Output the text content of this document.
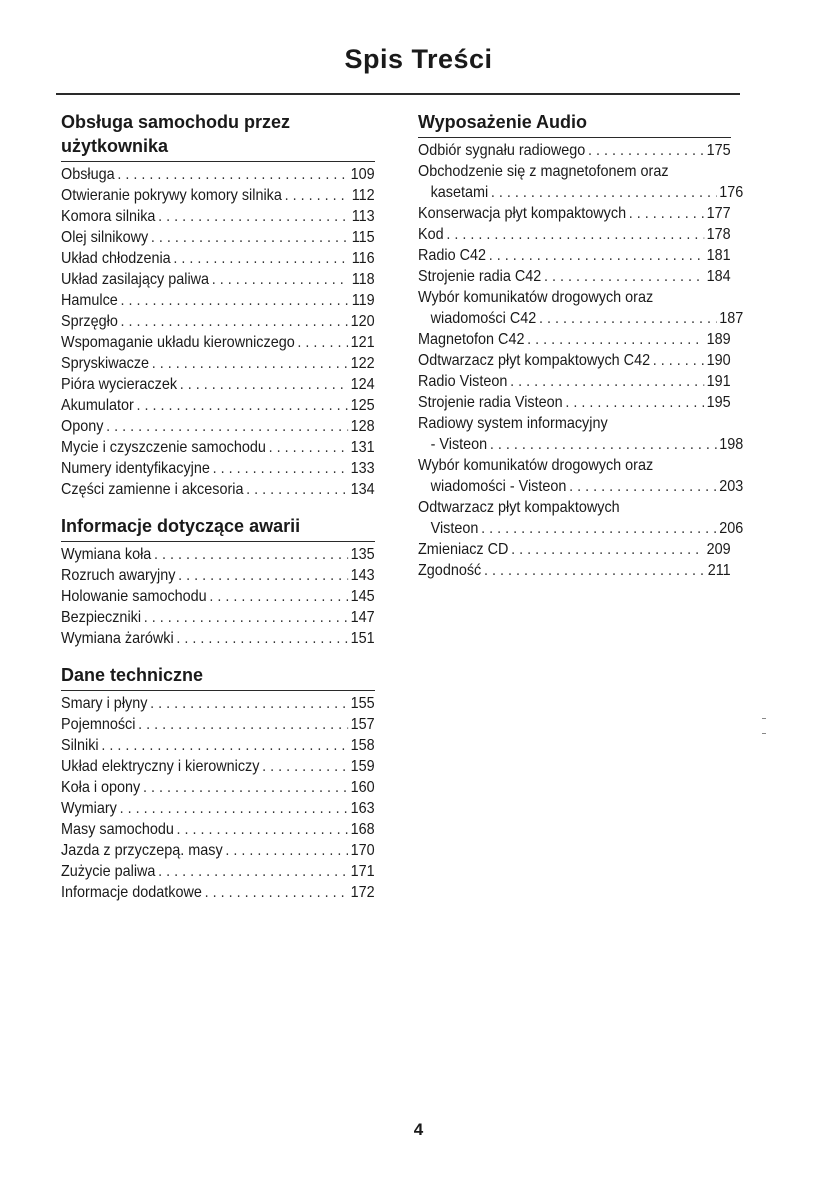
Spis Treści
Obsługa samochodu przez użytkownika
Obsługa . . .	109
Otwieranie pokrywy komory silnika . . .	112
Komora silnika . . .	113
Olej silnikowy . . .	115
Układ chłodzenia . . .	116
Układ zasilający paliwa . . .	118
Hamulce . . .	119
Sprzęgło . . .	120
Wspomaganie układu kierowniczego . . .	121
Spryskiwacze . . .	122
Pióra wycieraczek . . .	124
Akumulator . . .	125
Opony . . .	128
Mycie i czyszczenie samochodu . . .	131
Numery identyfikacyjne . . .	133
Części zamienne i akcesoria . . .	134
Informacje dotyczące awarii
Wymiana koła . . .	135
Rozruch awaryjny . . .	143
Holowanie samochodu . . .	145
Bezpieczniki . . .	147
Wymiana żarówki . . .	151
Dane techniczne
Smary i płyny . . .	155
Pojemności . . .	157
Silniki . . .	158
Układ elektryczny i kierowniczy . . .	159
Koła i opony . . .	160
Wymiary . . .	163
Masy samochodu . . .	168
Jazda z przyczepą. masy . . .	170
Zużycie paliwa . . .	171
Informacje dodatkowe . . .	172
Wyposażenie Audio
Odbiór sygnału radiowego . . .	175
Obchodzenie się z magnetofonem oraz
kasetami . . .	176
Konserwacja płyt kompaktowych . . .	177
Kod . . .	178
Radio C42 . . .	181
Strojenie radia C42 . . .	184
Wybór komunikatów drogowych oraz
wiadomości C42 . . .	187
Magnetofon C42 . . .	189
Odtwarzacz płyt kompaktowych C42 . . .	190
Radio Visteon . . .	191
Strojenie radia Visteon . . .	195
Radiowy system informacyjny
- Visteon . . .	198
Wybór komunikatów drogowych oraz
wiadomości - Visteon . . .	203
Odtwarzacz płyt kompaktowych
Visteon . . .	206
Zmieniacz CD . . .	209
Zgodność . . .	211
4
